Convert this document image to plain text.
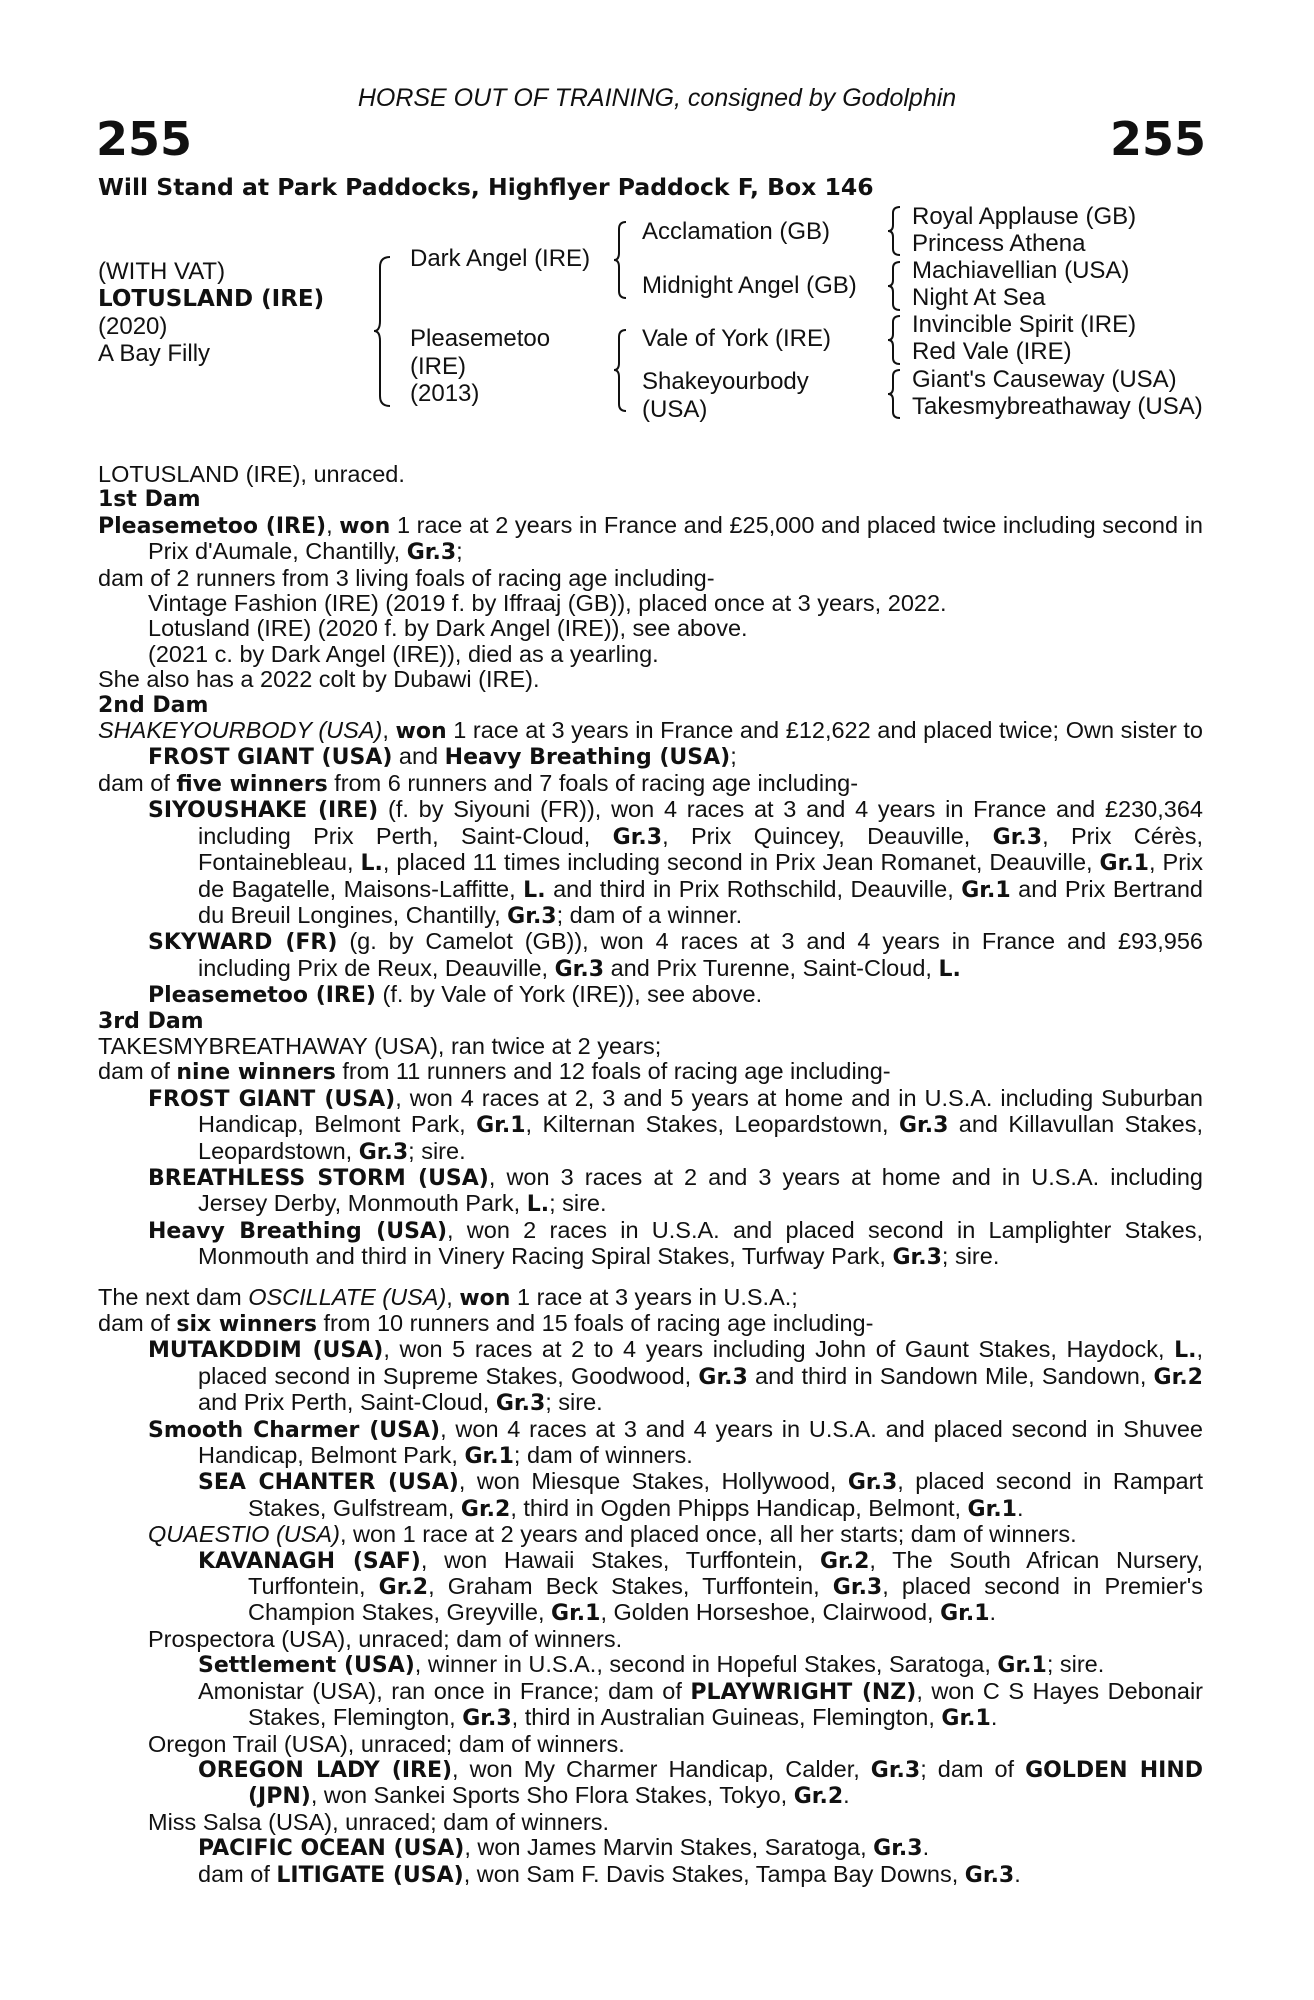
HORSE OUT OF TRAINING, consigned by Godolphin
255	255
Will Stand at Park Paddocks, Highflyer Paddock F, Box 146
(WITH VAT)
LOTUSLAND (IRE)
(2020)
A Bay Filly
Dark Angel (IRE)
Pleasemetoo
(IRE)
(2013)
Acclamation (GB)
Midnight Angel (GB)
Vale of York (IRE)
Shakeyourbody
(USA)
Royal Applause (GB)
Princess Athena
Machiavellian (USA)
Night At Sea
Invincible Spirit (IRE)
Red Vale (IRE)
Giant's Causeway (USA)
Takesmybreathaway (USA)

LOTUSLAND (IRE), unraced.

1st Dam

Pleasemetoo (IRE), won 1 race at 2 years in France and £25,000 and placed twice including second in Prix d'Aumale, Chantilly, Gr.3;

dam of 2 runners from 3 living foals of racing age including-

Vintage Fashion (IRE) (2019 f. by Iffraaj (GB)), placed once at 3 years, 2022.

Lotusland (IRE) (2020 f. by Dark Angel (IRE)), see above.

(2021 c. by Dark Angel (IRE)), died as a yearling.

She also has a 2022 colt by Dubawi (IRE).

2nd Dam

SHAKEYOURBODY (USA), won 1 race at 3 years in France and £12,622 and placed twice; Own sister to FROST GIANT (USA) and Heavy Breathing (USA);

dam of five winners from 6 runners and 7 foals of racing age including-

SIYOUSHAKE (IRE) (f. by Siyouni (FR)), won 4 races at 3 and 4 years in France and £230,364 including Prix Perth, Saint-Cloud, Gr.3, Prix Quincey, Deauville, Gr.3, Prix Cérès, Fontainebleau, L., placed 11 times including second in Prix Jean Romanet, Deauville, Gr.1, Prix de Bagatelle, Maisons-Laffitte, L. and third in Prix Rothschild, Deauville, Gr.1 and Prix Bertrand du Breuil Longines, Chantilly, Gr.3; dam of a winner.

SKYWARD (FR) (g. by Camelot (GB)), won 4 races at 3 and 4 years in France and £93,956 including Prix de Reux, Deauville, Gr.3 and Prix Turenne, Saint-Cloud, L.

Pleasemetoo (IRE) (f. by Vale of York (IRE)), see above.

3rd Dam

TAKESMYBREATHAWAY (USA), ran twice at 2 years;

dam of nine winners from 11 runners and 12 foals of racing age including-

FROST GIANT (USA), won 4 races at 2, 3 and 5 years at home and in U.S.A. including Suburban Handicap, Belmont Park, Gr.1, Kilternan Stakes, Leopardstown, Gr.3 and Killavullan Stakes, Leopardstown, Gr.3; sire.

BREATHLESS STORM (USA), won 3 races at 2 and 3 years at home and in U.S.A. including Jersey Derby, Monmouth Park, L.; sire.

Heavy Breathing (USA), won 2 races in U.S.A. and placed second in Lamplighter Stakes, Monmouth and third in Vinery Racing Spiral Stakes, Turfway Park, Gr.3; sire.

The next dam OSCILLATE (USA), won 1 race at 3 years in U.S.A.;

dam of six winners from 10 runners and 15 foals of racing age including-

MUTAKDDIM (USA), won 5 races at 2 to 4 years including John of Gaunt Stakes, Haydock, L., placed second in Supreme Stakes, Goodwood, Gr.3 and third in Sandown Mile, Sandown, Gr.2 and Prix Perth, Saint-Cloud, Gr.3; sire.

Smooth Charmer (USA), won 4 races at 3 and 4 years in U.S.A. and placed second in Shuvee Handicap, Belmont Park, Gr.1; dam of winners.

SEA CHANTER (USA), won Miesque Stakes, Hollywood, Gr.3, placed second in Rampart Stakes, Gulfstream, Gr.2, third in Ogden Phipps Handicap, Belmont, Gr.1.

QUAESTIO (USA), won 1 race at 2 years and placed once, all her starts; dam of winners.

KAVANAGH (SAF), won Hawaii Stakes, Turffontein, Gr.2, The South African Nursery, Turffontein, Gr.2, Graham Beck Stakes, Turffontein, Gr.3, placed second in Premier's Champion Stakes, Greyville, Gr.1, Golden Horseshoe, Clairwood, Gr.1.

Prospectora (USA), unraced; dam of winners.

Settlement (USA), winner in U.S.A., second in Hopeful Stakes, Saratoga, Gr.1; sire.

Amonistar (USA), ran once in France; dam of PLAYWRIGHT (NZ), won C S Hayes Debonair Stakes, Flemington, Gr.3, third in Australian Guineas, Flemington, Gr.1.

Oregon Trail (USA), unraced; dam of winners.

OREGON LADY (IRE), won My Charmer Handicap, Calder, Gr.3; dam of GOLDEN HIND (JPN), won Sankei Sports Sho Flora Stakes, Tokyo, Gr.2.

Miss Salsa (USA), unraced; dam of winners.

PACIFIC OCEAN (USA), won James Marvin Stakes, Saratoga, Gr.3.

dam of LITIGATE (USA), won Sam F. Davis Stakes, Tampa Bay Downs, Gr.3.
